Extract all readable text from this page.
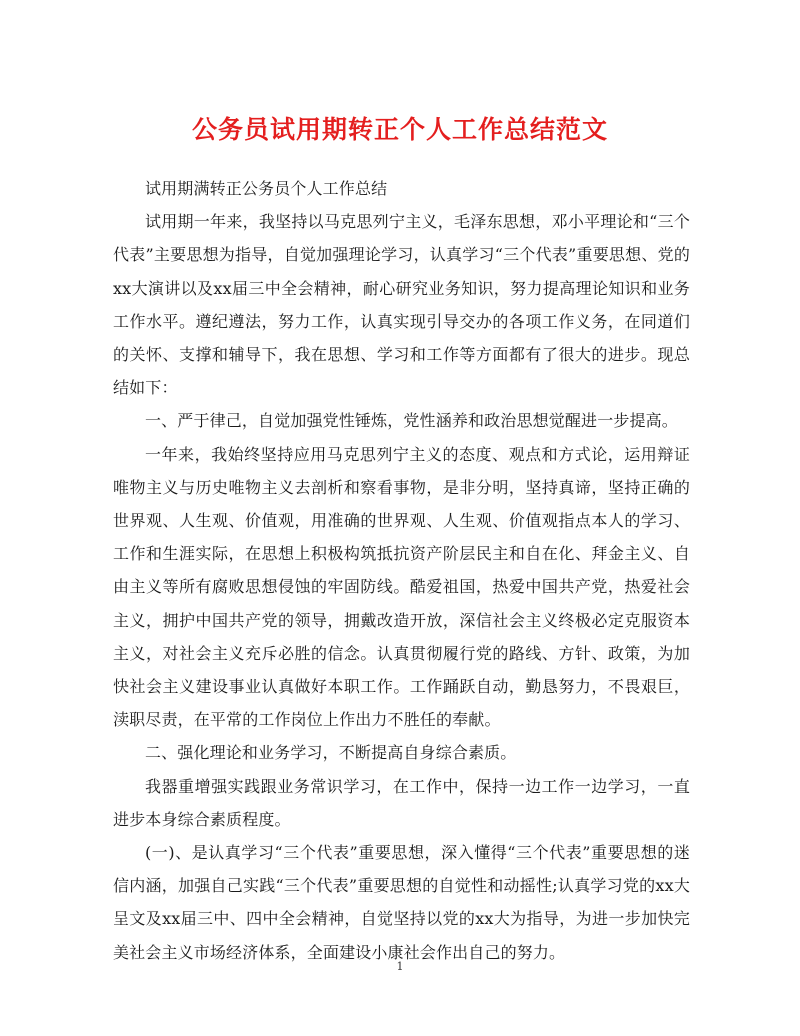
公务员试用期转正个人工作总结范文

试用期满转正公务员个人工作总结

试用期一年来，我坚持以马克思列宁主义，毛泽东思想，邓小平理论和“三个代表”主要思想为指导，自觉加强理论学习，认真学习“三个代表”重要思想、党的xx大演讲以及xx届三中全会精神，耐心研究业务知识，努力提高理论知识和业务工作水平。遵纪遵法，努力工作，认真实现引导交办的各项工作义务，在同道们的关怀、支撑和辅导下，我在思想、学习和工作等方面都有了很大的进步。现总结如下：

一、严于律己，自觉加强党性锤炼，党性涵养和政治思想觉醒进一步提高。

一年来，我始终坚持应用马克思列宁主义的态度、观点和方式论，运用辩证唯物主义与历史唯物主义去剖析和察看事物，是非分明，坚持真谛，坚持正确的世界观、人生观、价值观，用准确的世界观、人生观、价值观指点本人的学习、工作和生涯实际，在思想上积极构筑抵抗资产阶层民主和自在化、拜金主义、自由主义等所有腐败思想侵蚀的牢固防线。酷爱祖国，热爱中国共产党，热爱社会主义，拥护中国共产党的领导，拥戴改造开放，深信社会主义终极必定克服资本主义，对社会主义充斥必胜的信念。认真贯彻履行党的路线、方针、政策，为加快社会主义建设事业认真做好本职工作。工作踊跃自动，勤恳努力，不畏艰巨，渎职尽责，在平常的工作岗位上作出力不胜任的奉献。

二、强化理论和业务学习，不断提高自身综合素质。

我器重增强实践跟业务常识学习，在工作中，保持一边工作一边学习，一直进步本身综合素质程度。

(一)、是认真学习“三个代表”重要思想，深入懂得“三个代表”重要思想的迷信内涵，加强自己实践“三个代表”重要思想的自觉性和动摇性;认真学习党的xx大呈文及xx届三中、四中全会精神，自觉坚持以党的xx大为指导，为进一步加快完美社会主义市场经济体系，全面建设小康社会作出自己的努力。

1
